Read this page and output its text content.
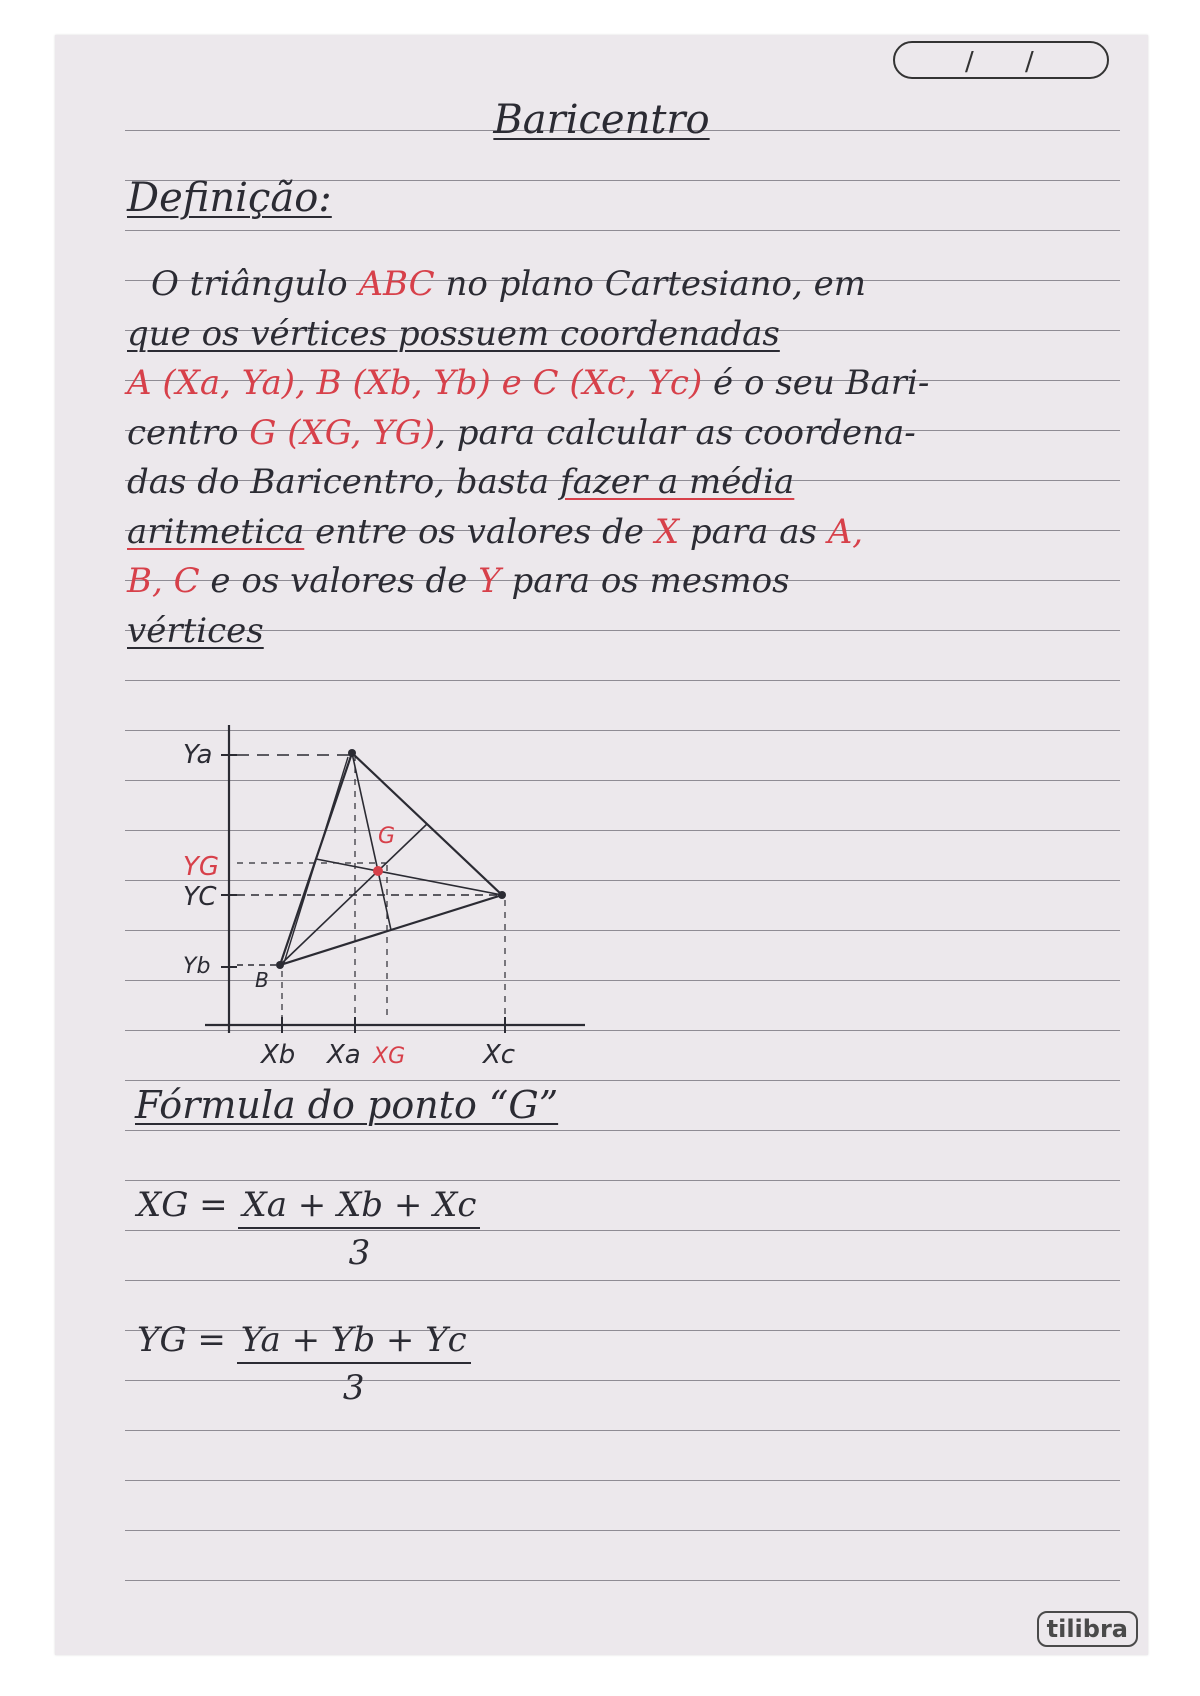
/ /
Baricentro
Definição:
O triângulo ABC no plano Cartesiano, em
que os vértices possuem coordenadas
A (Xa, Ya), B (Xb, Yb) e C (Xc, Yc) é o seu Bari-
centro G (XG, YG), para calcular as coordena-
das do Baricentro, basta fazer a média
aritmetica entre os valores de X para as A,
B, C e os valores de Y para os mesmos
vértices
Ya
YG
YC
Yb
B
G
Xb Xa XG	Xc
Fórmula do ponto “G”
XG = $\frac{Xa + Xb + Xc}{3}$
YG = $\frac{Ya + Yb + Yc}{3}$
tilibra
